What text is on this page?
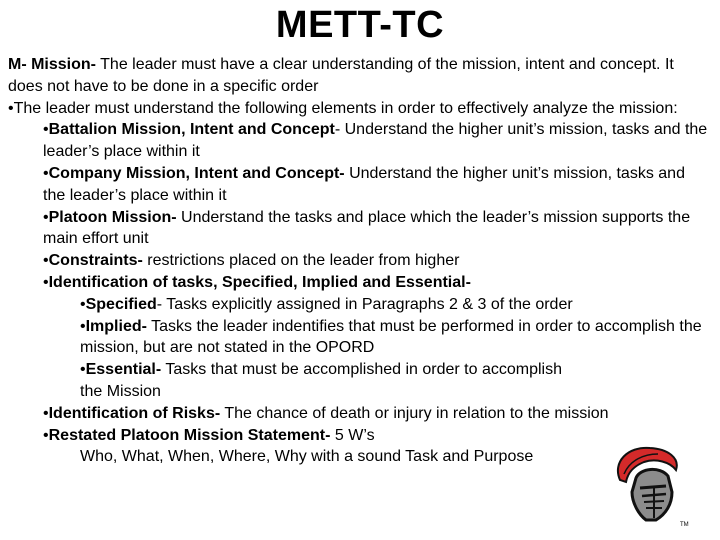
METT-TC

M- Mission- The leader must have a clear understanding of the mission, intent and concept. It does not have to be done in a specific order

•The leader must understand the following elements in order to effectively analyze the mission:

•Battalion Mission, Intent and Concept- Understand the higher unit’s mission, tasks and the leader’s place within it

•Company Mission, Intent and Concept- Understand the higher unit’s mission, tasks and the leader’s place within it

•Platoon Mission- Understand the tasks and place which the leader’s mission supports the main effort unit

•Constraints- restrictions placed on the leader from higher

•Identification of tasks, Specified, Implied and Essential-

•Specified- Tasks explicitly assigned in Paragraphs 2 & 3 of the order

•Implied- Tasks the leader indentifies that must be performed in order to accomplish the mission, but are not stated in the OPORD

•Essential- Tasks that must be accomplished in order to accomplish

the Mission

•Identification of Risks- The chance of death or injury in relation to the mission

•Restated Platoon Mission Statement- 5 W’s

Who, What, When, Where, Why with a sound Task and Purpose

TM
